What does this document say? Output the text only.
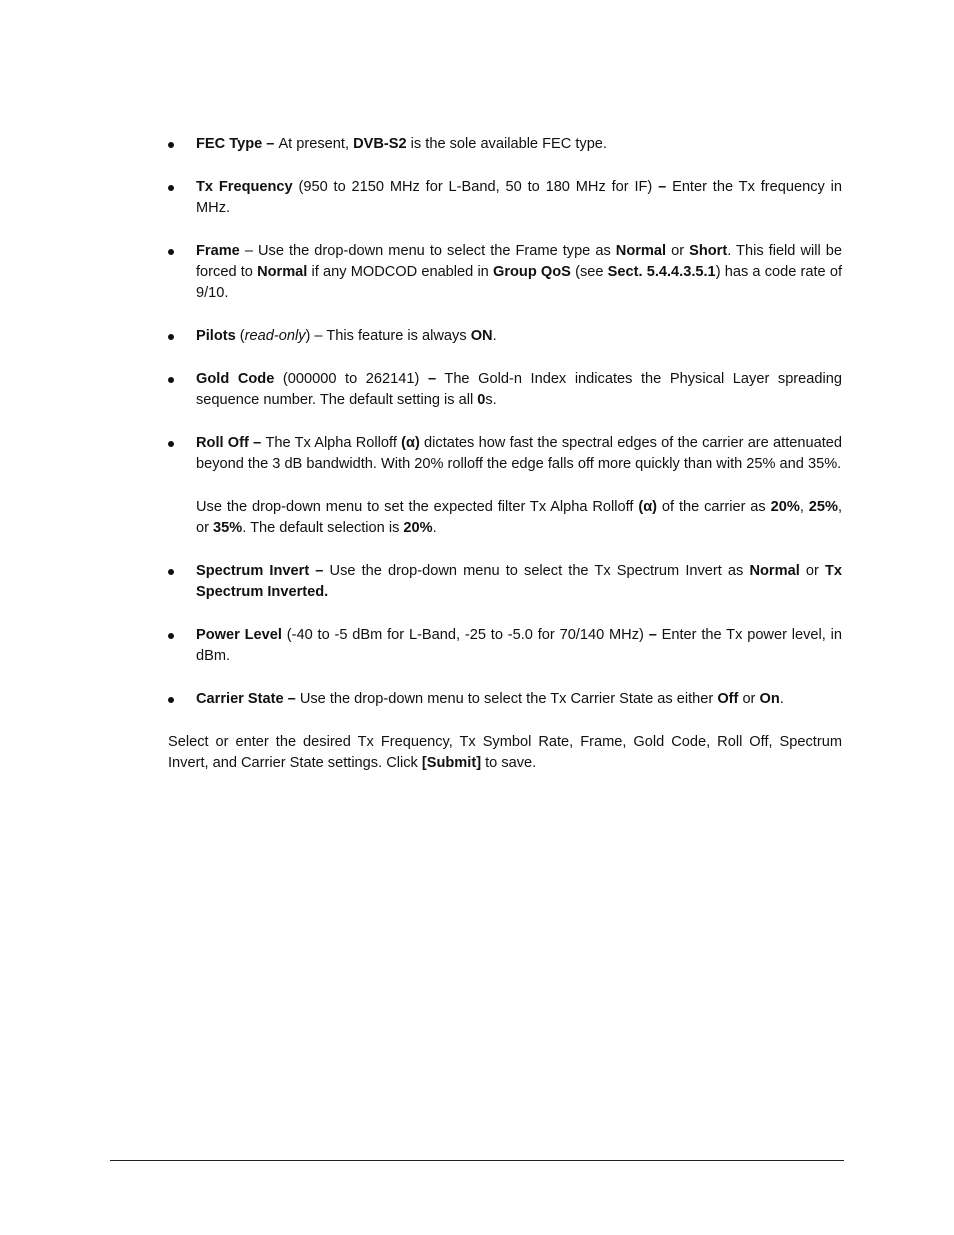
FEC Type – At present, DVB-S2 is the sole available FEC type.

Tx Frequency (950 to 2150 MHz for L-Band, 50 to 180 MHz for IF) – Enter the Tx frequency in MHz.

Frame – Use the drop-down menu to select the Frame type as Normal or Short. This field will be forced to Normal if any MODCOD enabled in Group QoS (see Sect. 5.4.4.3.5.1) has a code rate of 9/10.

Pilots (read-only) – This feature is always ON.

Gold Code (000000 to 262141) – The Gold-n Index indicates the Physical Layer spreading sequence number. The default setting is all 0s.

Roll Off – The Tx Alpha Rolloff (α) dictates how fast the spectral edges of the carrier are attenuated beyond the 3 dB bandwidth. With 20% rolloff the edge falls off more quickly than with 25% and 35%.

Use the drop-down menu to set the expected filter Tx Alpha Rolloff (α) of the carrier as 20%, 25%, or 35%. The default selection is 20%.

Spectrum Invert – Use the drop-down menu to select the Tx Spectrum Invert as Normal or Tx Spectrum Inverted.

Power Level (-40 to -5 dBm for L-Band, -25 to -5.0 for 70/140 MHz) – Enter the Tx power level, in dBm.

Carrier State – Use the drop-down menu to select the Tx Carrier State as either Off or On.

Select or enter the desired Tx Frequency, Tx Symbol Rate, Frame, Gold Code, Roll Off, Spectrum Invert, and Carrier State settings. Click [Submit] to save.
